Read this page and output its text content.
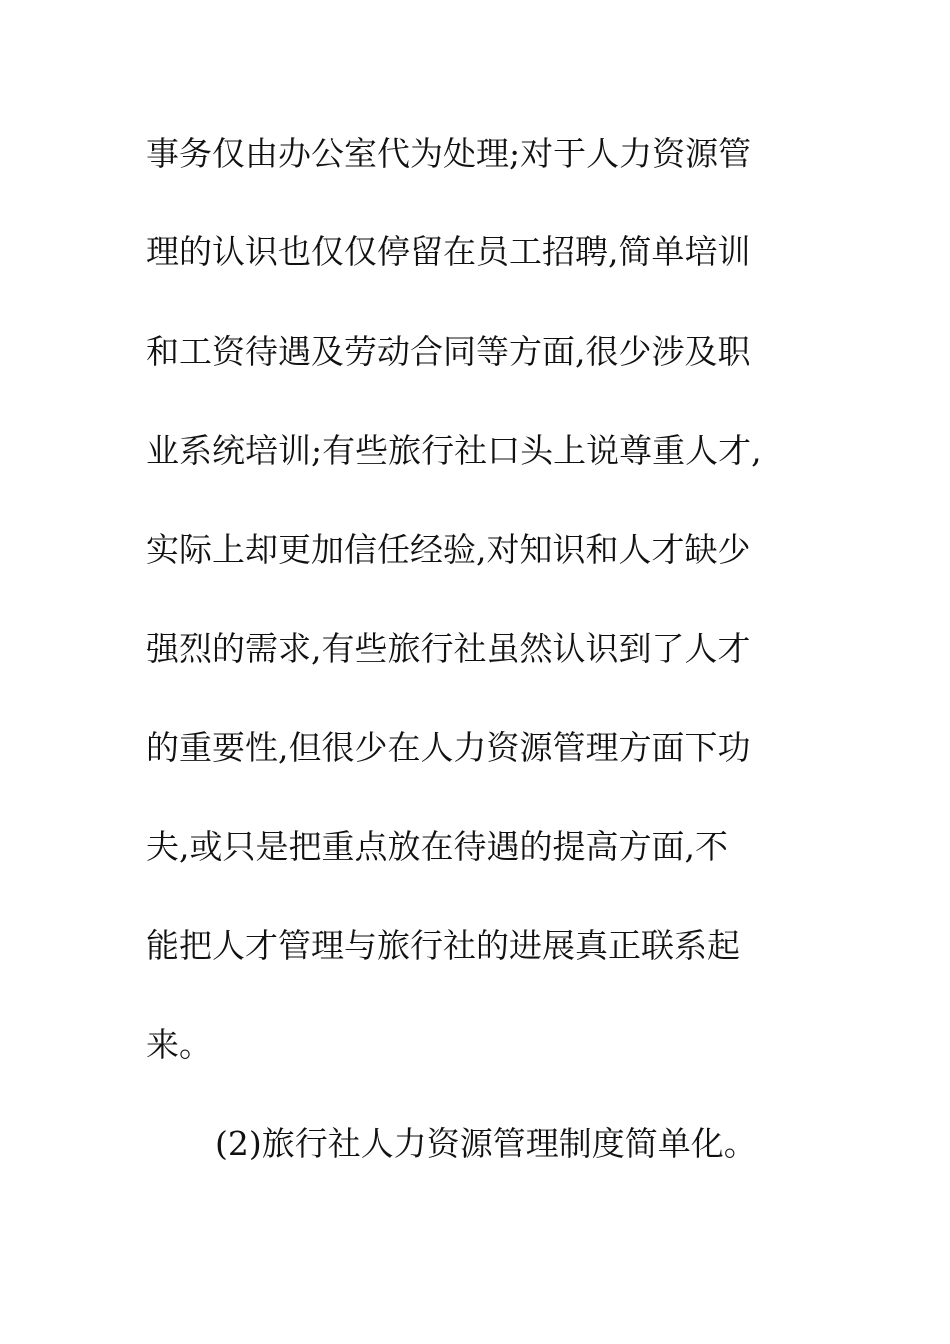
事务仅由办公室代为处理;对于人力资源管
理的认识也仅仅停留在员工招聘,简单培训
和工资待遇及劳动合同等方面,很少涉及职
业系统培训;有些旅行社口头上说尊重人才,
实际上却更加信任经验,对知识和人才缺少
强烈的需求,有些旅行社虽然认识到了人才
的重要性,但很少在人力资源管理方面下功
夫,或只是把重点放在待遇的提高方面,不
能把人才管理与旅行社的进展真正联系起
来。
(2)旅行社人力资源管理制度简单化。
